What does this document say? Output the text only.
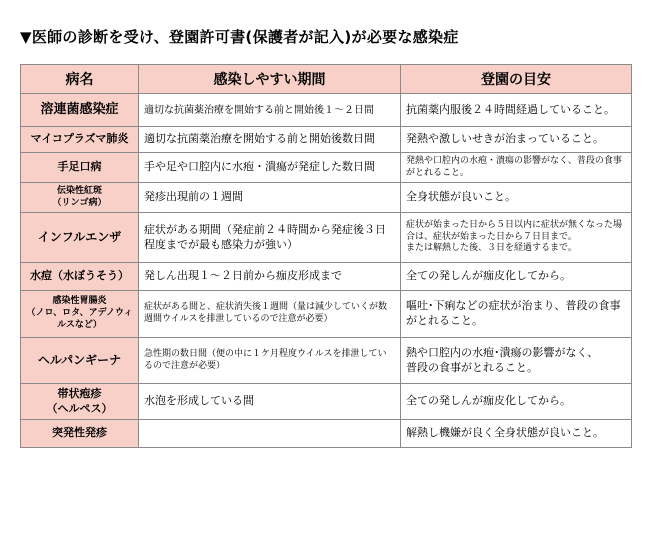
▼医師の診断を受け、登園許可書(保護者が記入)が必要な感染症
病名	感染しやすい期間	登園の目安
溶連菌感染症	適切な抗菌薬治療を開始する前と開始後１～２日間	抗菌薬内服後２４時間経過していること。
マイコプラズマ肺炎	適切な抗菌薬治療を開始する前と開始後数日間	発熱や激しいせきが治まっていること。
手足口病	手や足や口腔内に水疱・潰瘍が発症した数日間	発熱や口腔内の水疱・潰瘍の影響がなく、普段の食事がとれること。
伝染性紅斑
（リンゴ病）	発疹出現前の１週間	全身状態が良いこと。
インフルエンザ	症状がある期間（発症前２４時間から発症後３日程度までが最も感染力が強い）	症状が始まった日から５日以内に症状が無くなった場合は、症状が始まった日から７日目まで。
または解熱した後、３日を経過するまで。
水痘（水ぼうそう）	発しん出現１～２日前から痂皮形成まで	全ての発しんが痂皮化してから。
感染性胃腸炎
（ノロ、ロタ、アデノウィルスなど）	症状がある間と、症状消失後１週間（量は減少していくが数週間ウイルスを排泄しているので注意が必要）	嘔吐･下痢などの症状が治まり、普段の食事がとれること。
ヘルパンギーナ	急性期の数日間（便の中に１ケ月程度ウイルスを排泄しているので注意が必要）	熱や口腔内の水疱･潰瘍の影響がなく、
普段の食事がとれること。
帯状疱疹
（ヘルペス）	水泡を形成している間	全ての発しんが痂皮化してから。
突発性発疹		解熱し機嫌が良く全身状態が良いこと。
